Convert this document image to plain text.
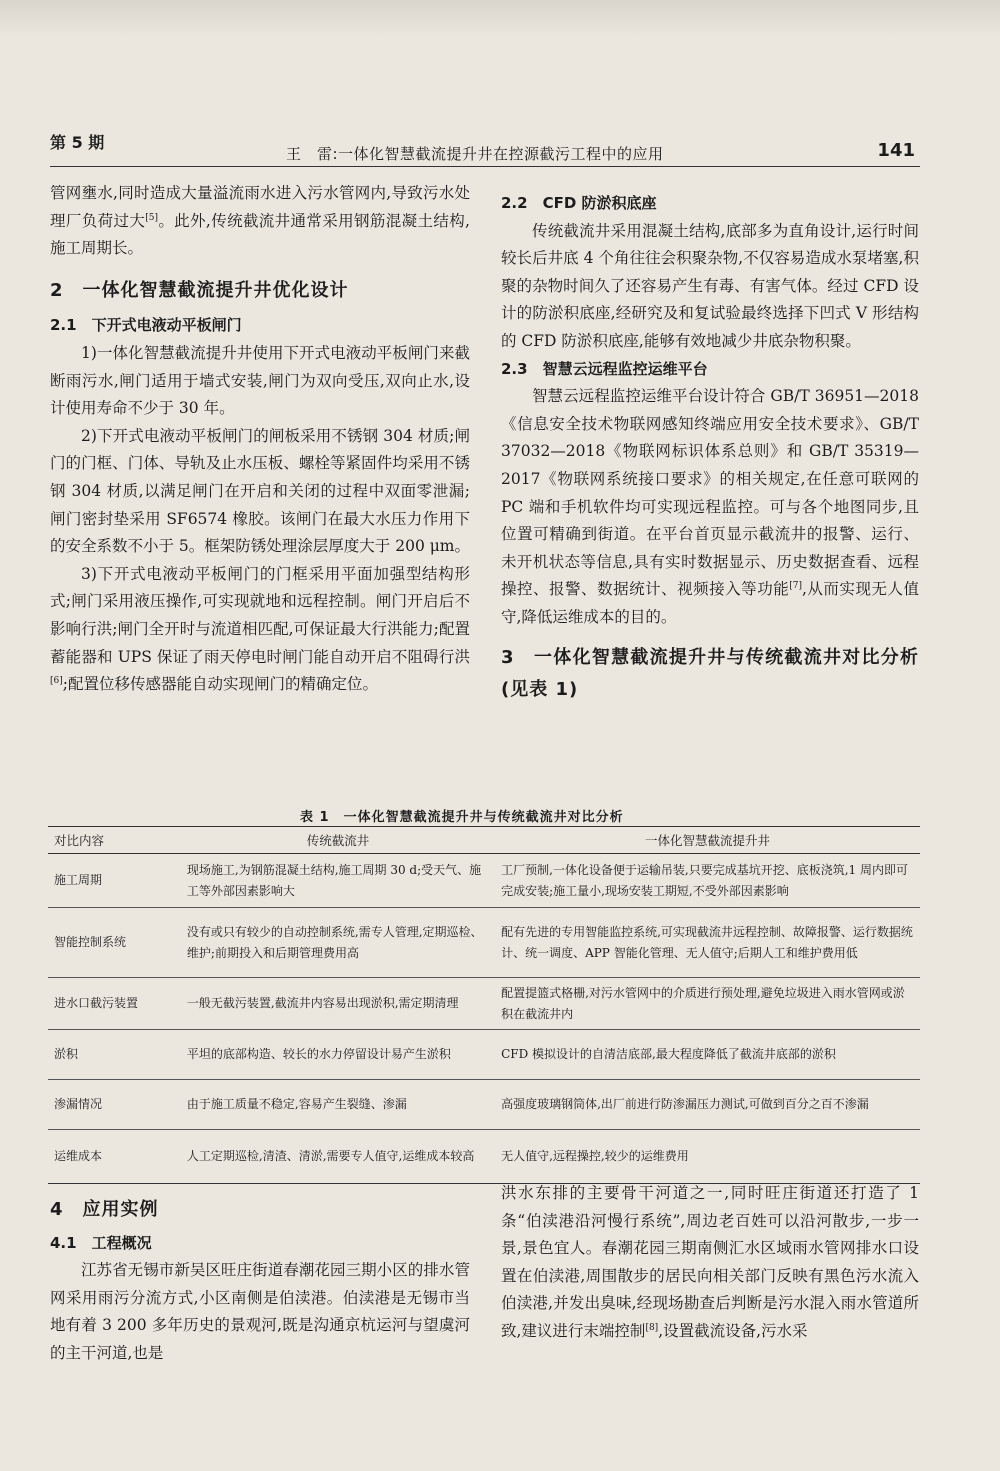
第 5 期
王　雷:一体化智慧截流提升井在控源截污工程中的应用	141

管网壅水,同时造成大量溢流雨水进入污水管网内,导致污水处理厂负荷过大[5]。此外,传统截流井通常采用钢筋混凝土结构,施工周期长。

2　一体化智慧截流提升井优化设计

2.1　下开式电液动平板闸门

1)一体化智慧截流提升井使用下开式电液动平板闸门来截断雨污水,闸门适用于墙式安装,闸门为双向受压,双向止水,设计使用寿命不少于 30 年。

2)下开式电液动平板闸门的闸板采用不锈钢 304 材质;闸门的门框、门体、导轨及止水压板、螺栓等紧固件均采用不锈钢 304 材质,以满足闸门在开启和关闭的过程中双面零泄漏;闸门密封垫采用 SF6574 橡胶。该闸门在最大水压力作用下的安全系数不小于 5。框架防锈处理涂层厚度大于 200 μm。

3)下开式电液动平板闸门的门框采用平面加强型结构形式;闸门采用液压操作,可实现就地和远程控制。闸门开启后不影响行洪;闸门全开时与流道相匹配,可保证最大行洪能力;配置蓄能器和 UPS 保证了雨天停电时闸门能自动开启不阻碍行洪[6];配置位移传感器能自动实现闸门的精确定位。

2.2　CFD 防淤积底座

传统截流井采用混凝土结构,底部多为直角设计,运行时间较长后井底 4 个角往往会积聚杂物,不仅容易造成水泵堵塞,积聚的杂物时间久了还容易产生有毒、有害气体。经过 CFD 设计的防淤积底座,经研究及和复试验最终选择下凹式 V 形结构的 CFD 防淤积底座,能够有效地减少井底杂物积聚。

2.3　智慧云远程监控运维平台

智慧云远程监控运维平台设计符合 GB/T 36951—2018《信息安全技术物联网感知终端应用安全技术要求》、GB/T 37032—2018《物联网标识体系总则》和 GB/T 35319—2017《物联网系统接口要求》的相关规定,在任意可联网的 PC 端和手机软件均可实现远程监控。可与各个地图同步,且位置可精确到街道。在平台首页显示截流井的报警、运行、未开机状态等信息,具有实时数据显示、历史数据查看、远程操控、报警、数据统计、视频接入等功能[7],从而实现无人值守,降低运维成本的目的。

3　一体化智慧截流提升井与传统截流井对比分析(见表 1)

表 1　一体化智慧截流提升井与传统截流井对比分析
对比内容	传统截流井	一体化智慧截流提升井
施工周期	现场施工,为钢筋混凝土结构,施工周期 30 d;受天气、施工等外部因素影响大	工厂预制,一体化设备便于运输吊装,只要完成基坑开挖、底板浇筑,1 周内即可完成安装;施工量小,现场安装工期短,不受外部因素影响
智能控制系统	没有或只有较少的自动控制系统,需专人管理,定期巡检、维护;前期投入和后期管理费用高	配有先进的专用智能监控系统,可实现截流井远程控制、故障报警、运行数据统计、统一调度、APP 智能化管理、无人值守;后期人工和维护费用低
进水口截污装置	一般无截污装置,截流井内容易出现淤积,需定期清理	配置提篮式格栅,对污水管网中的介质进行预处理,避免垃圾进入雨水管网或淤积在截流井内
淤积	平坦的底部构造、较长的水力停留设计易产生淤积	CFD 模拟设计的自清洁底部,最大程度降低了截流井底部的淤积
渗漏情况	由于施工质量不稳定,容易产生裂缝、渗漏	高强度玻璃钢筒体,出厂前进行防渗漏压力测试,可做到百分之百不渗漏
运维成本	人工定期巡检,清渣、清淤,需要专人值守,运维成本较高	无人值守,远程操控,较少的运维费用

4　应用实例

4.1　工程概况

江苏省无锡市新吴区旺庄街道春潮花园三期小区的排水管网采用雨污分流方式,小区南侧是伯渎港。伯渎港是无锡市当地有着 3 200 多年历史的景观河,既是沟通京杭运河与望虞河的主干河道,也是

洪水东排的主要骨干河道之一,同时旺庄街道还打造了 1 条“伯渎港沿河慢行系统”,周边老百姓可以沿河散步,一步一景,景色宜人。春潮花园三期南侧汇水区域雨水管网排水口设置在伯渎港,周围散步的居民向相关部门反映有黑色污水流入伯渎港,并发出臭味,经现场勘查后判断是污水混入雨水管道所致,建议进行末端控制[8],设置截流设备,污水采
